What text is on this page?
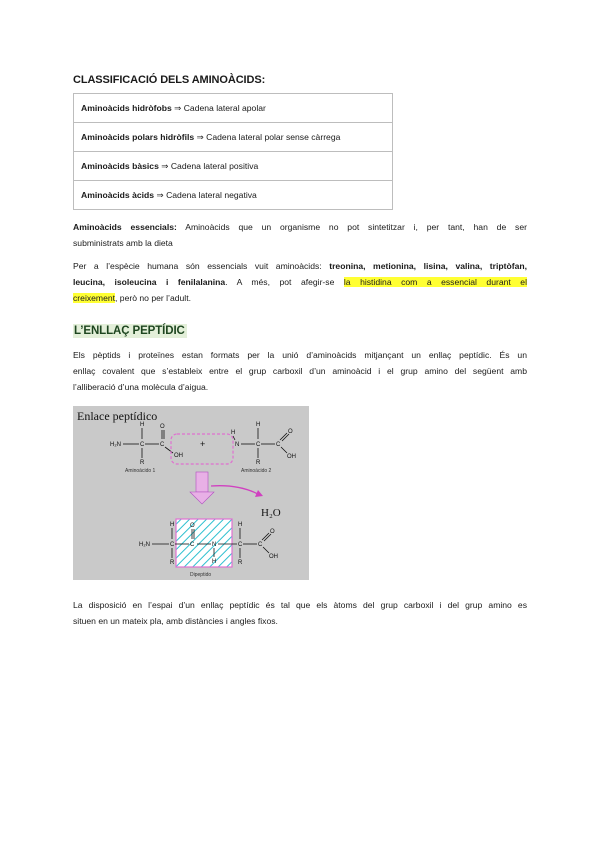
CLASSIFICACIÓ DELS AMINOÀCIDS:
Aminoàcids hidròfobs ⇒ Cadena lateral apolar
Aminoàcids polars hidròfils ⇒ Cadena lateral polar sense càrrega
Aminoàcids bàsics ⇒ Cadena lateral positiva
Aminoàcids àcids ⇒ Cadena lateral negativa
Aminoàcids essencials: Aminoàcids que un organisme no pot sintetitzar i, per tant, han de ser
subministrats amb la dieta
Per a l’espècie humana són essencials vuit aminoàcids: treonina, metionina, lisina, valina, triptòfan,
leucina, isoleucina i fenilalanina. A més, pot afegir-se la histidina com a essencial durant el
creixement, però no per l’adult.
L’ENLLAÇ PEPTÍDIC
Els pèptids i proteïnes estan formats per la unió d’aminoàcids mitjançant un enllaç peptídic. És un
enllaç covalent que s’estableix entre el grup carboxil d’un aminoàcid i el grup amino del següent amb
l’alliberació d’una molècula d’aigua.
Enlace peptídico
H₂N	C
H
R
C
O
OH
Aminoácido 1
+
H
N	C
H
R
C
O
OH
Aminoácido 2
H₂O
H₂N	C
H
R
C
O
N
H
C
H
R
C
O
OH
Dipeptido
La disposició en l’espai d’un enllaç peptídic és tal que els àtoms del grup carboxil i del grup amino es
situen en un mateix pla, amb distàncies i angles fixos.
